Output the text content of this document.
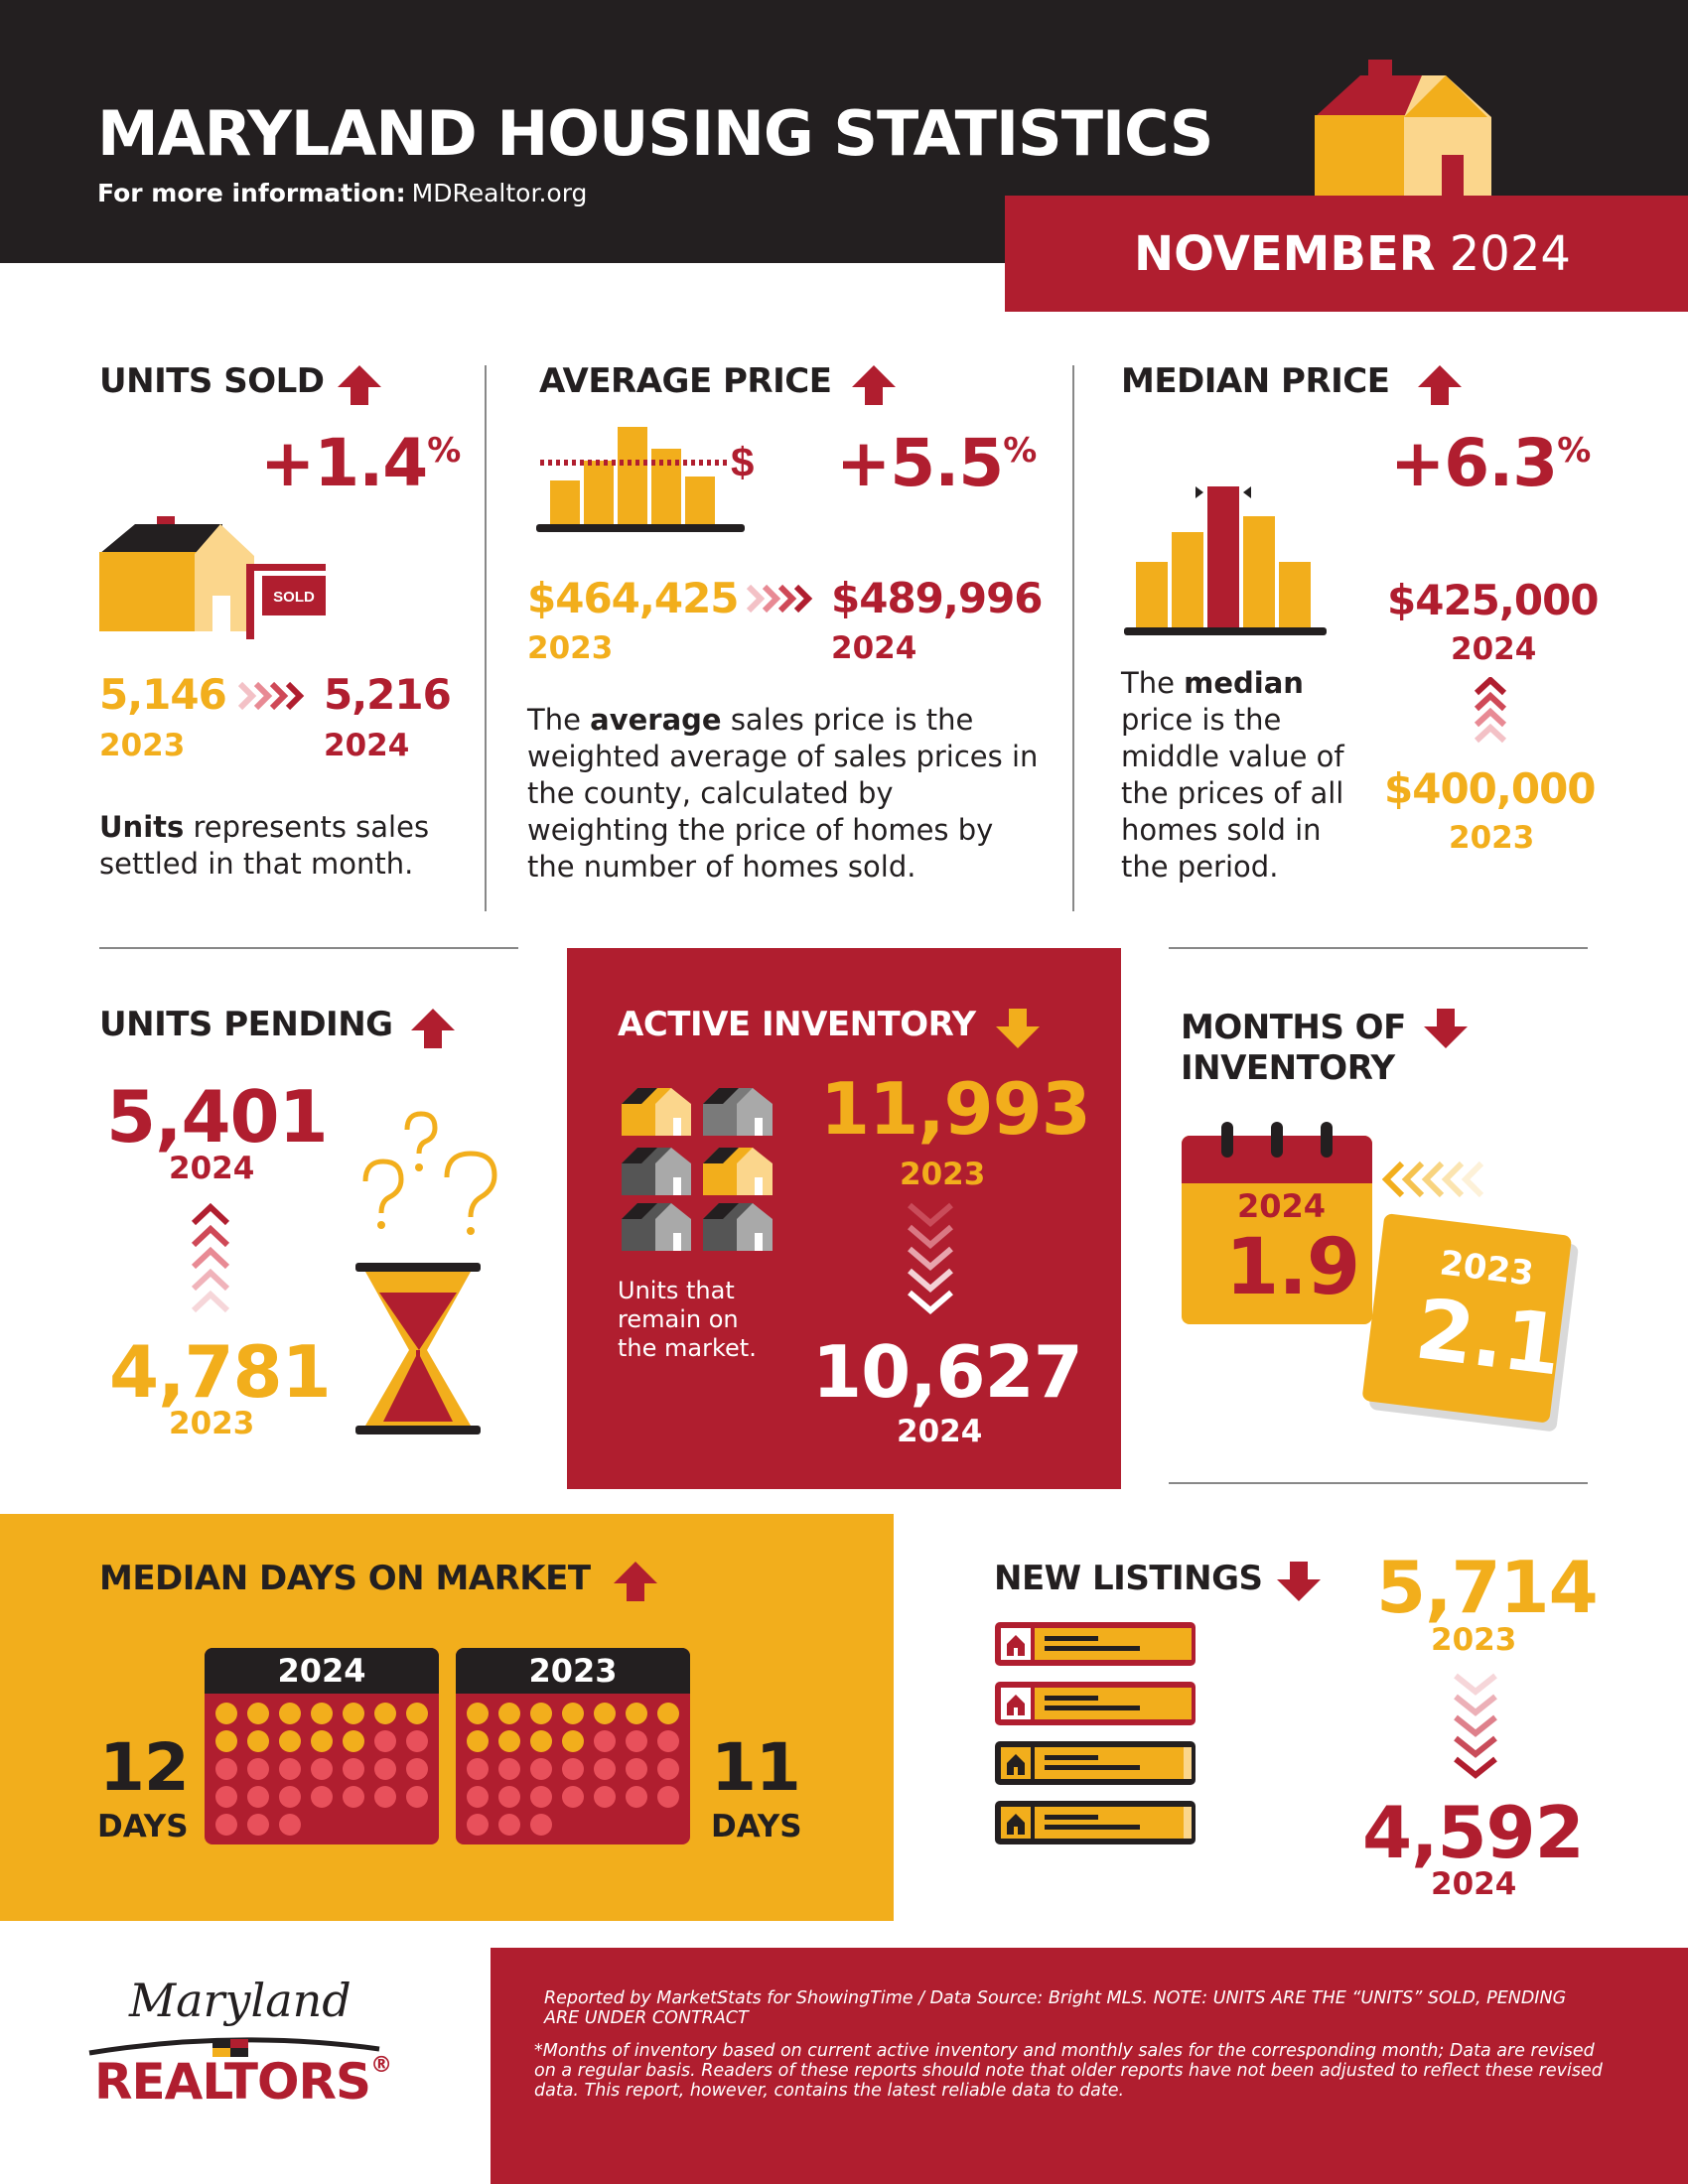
MARYLAND HOUSING STATISTICS
For more information: MDRealtor.org
NOVEMBER 2024
UNITS SOLD
+1.4%
SOLD
5,146
2023
5,216
2024
Units represents sales settled in that month.
AVERAGE PRICE
$ +5.5%
$464,425
2023
$489,996
2024
The average sales price is the weighted average of sales prices in the county, calculated by weighting the price of homes by the number of homes sold.
MEDIAN PRICE
+6.3%
$425,000
2024
$400,000
2023
The median price is the middle value of the prices of all homes sold in the period.
UNITS PENDING
5,401
2024
4,781
2023
ACTIVE INVENTORY
Units that remain on the market.
11,993
2023
10,627
2024
MONTHS OF
INVENTORY
2024
1.9 2023
2.1
MEDIAN DAYS ON MARKET
12
DAYS
2024	2023
11
DAYS
NEW LISTINGS 5,714
2023
4,592
2024
Maryland
REALTORS®
Reported by MarketStats for ShowingTime / Data Source: Bright MLS. NOTE: UNITS ARE THE “UNITS” SOLD, PENDING ARE UNDER CONTRACT
*Months of inventory based on current active inventory and monthly sales for the corresponding month; Data are revised on a regular basis. Readers of these reports should note that older reports have not been adjusted to reflect these revised data. This report, however, contains the latest reliable data to date.
